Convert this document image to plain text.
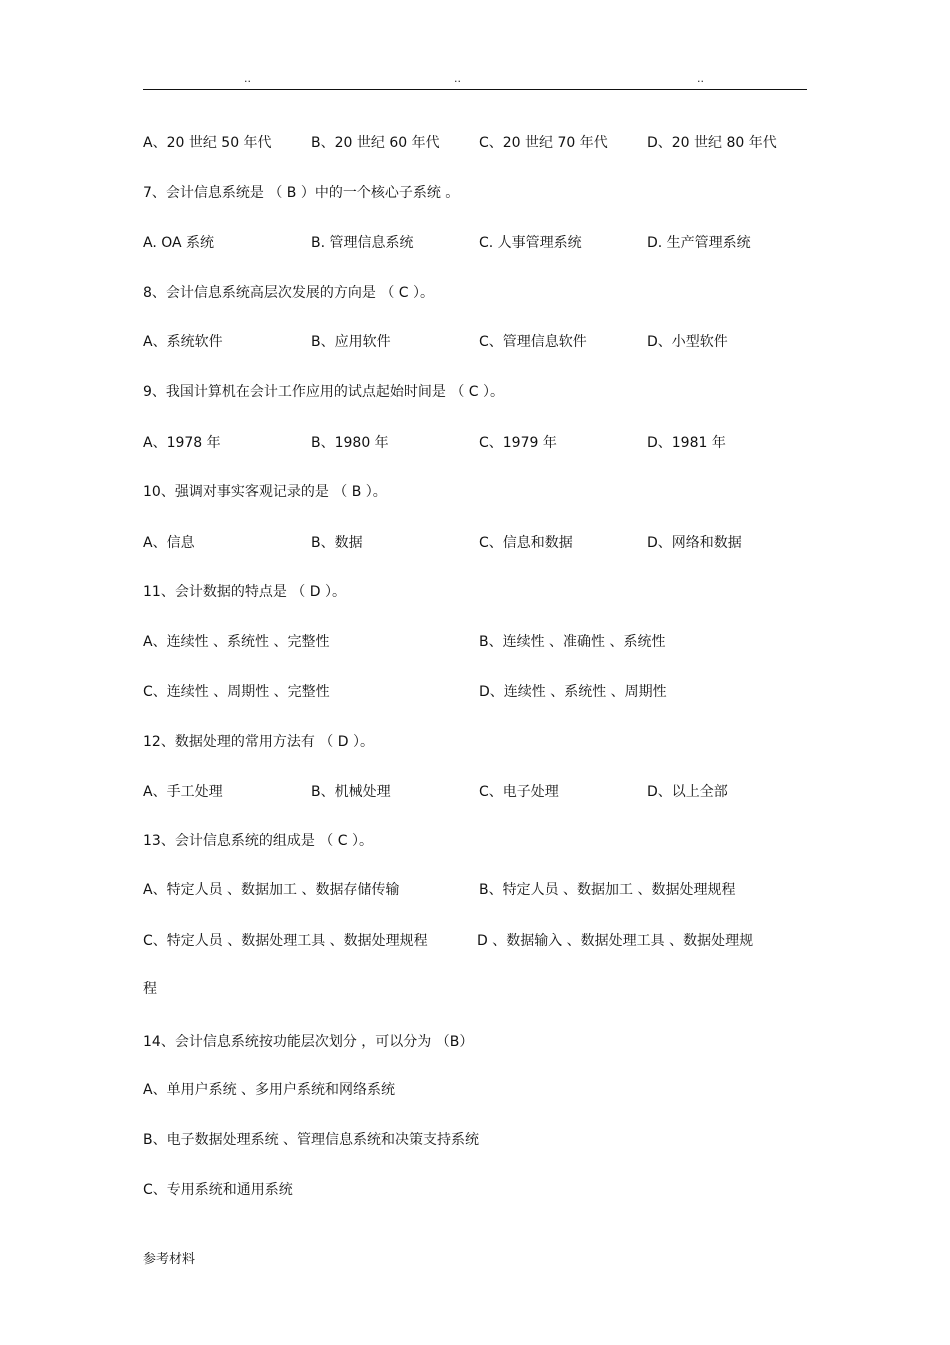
..	..	..
A、20 世纪 50 年代	B、20 世纪 60 年代	C、20 世纪 70 年代	D、20 世纪 80 年代
7、会计信息系统是 （ B ）中的一个核心子系统 。
A. OA 系统	B. 管理信息系统	C. 人事管理系统	D. 生产管理系统
8、会计信息系统高层次发展的方向是 （ C ）。
A、系统软件	B、应用软件	C、管理信息软件	D、小型软件
9、我国计算机在会计工作应用的试点起始时间是 （ C ）。
A、1978 年	B、1980 年	C、1979 年	D、1981 年
10、强调对事实客观记录的是 （ B ）。
A、信息	B、数据	C、信息和数据	D、网络和数据
11、会计数据的特点是 （ D ）。
A、连续性 、系统性 、完整性	B、连续性 、准确性 、系统性
C、连续性 、周期性 、完整性	D、连续性 、系统性 、周期性
12、数据处理的常用方法有 （ D ）。
A、手工处理	B、机械处理	C、电子处理	D、以上全部
13、会计信息系统的组成是 （ C ）。
A、特定人员 、数据加工 、数据存储传输	B、特定人员 、数据加工 、数据处理规程
C、特定人员 、数据处理工具 、数据处理规程	D 、数据输入 、数据处理工具 、数据处理规
程
14、会计信息系统按功能层次划分 ，可以分为 （B）
A、单用户系统 、多用户系统和网络系统
B、电子数据处理系统 、管理信息系统和决策支持系统
C、专用系统和通用系统
参考材料
